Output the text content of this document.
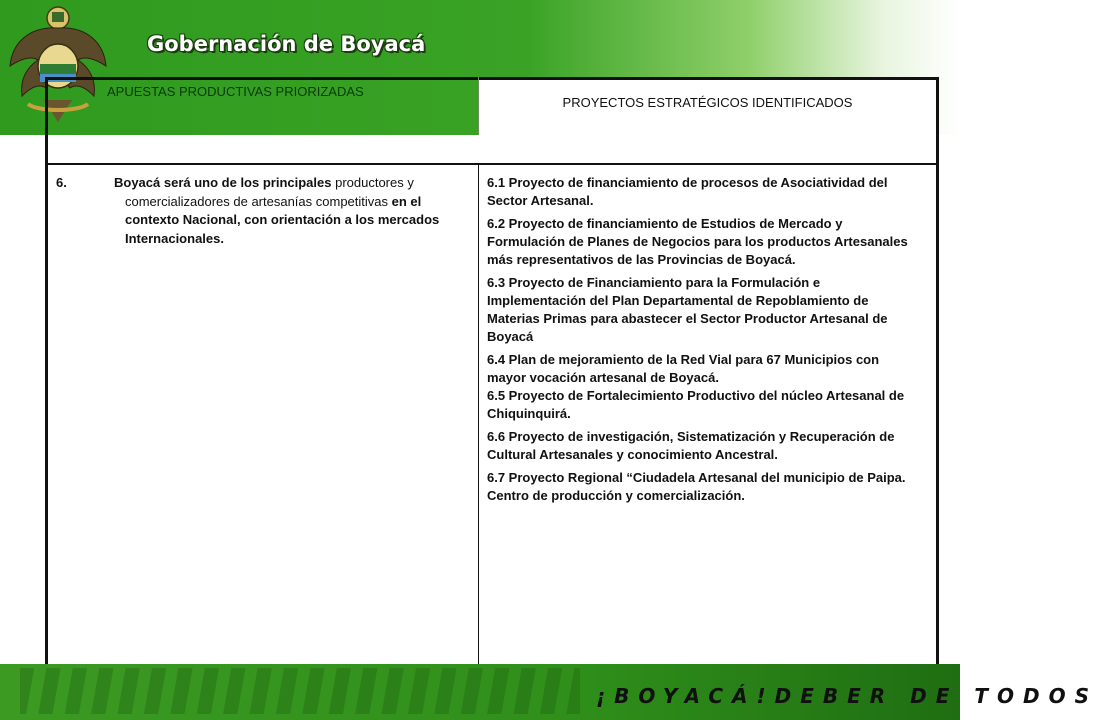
Gobernación de Boyacá
APUESTAS PRODUCTIVAS PRIORIZADAS
PROYECTOS ESTRATÉGICOS IDENTIFICADOS
6.	Boyacá será uno de los principales productores y comercializadores de artesanías competitivas en el contexto Nacional, con orientación a los mercados Internacionales.

6.1 Proyecto de financiamiento de procesos de Asociatividad del Sector Artesanal.

6.2 Proyecto de financiamiento de Estudios de Mercado y Formulación de Planes de Negocios para los productos Artesanales más representativos de las Provincias de Boyacá.

6.3 Proyecto de Financiamiento para la Formulación e Implementación del Plan Departamental de Repoblamiento de Materias Primas para abastecer el Sector Productor Artesanal de Boyacá

6.4 Plan de mejoramiento de la Red Vial para 67 Municipios con mayor vocación artesanal de Boyacá.

6.5 Proyecto de Fortalecimiento Productivo del núcleo Artesanal de Chiquinquirá.

6.6 Proyecto de investigación, Sistematización y Recuperación de Cultural Artesanales y conocimiento Ancestral.

6.7 Proyecto Regional “Ciudadela Artesanal del municipio de Paipa. Centro de producción y comercialización.

¡BOYACÁ!DEBER DE TODOS
